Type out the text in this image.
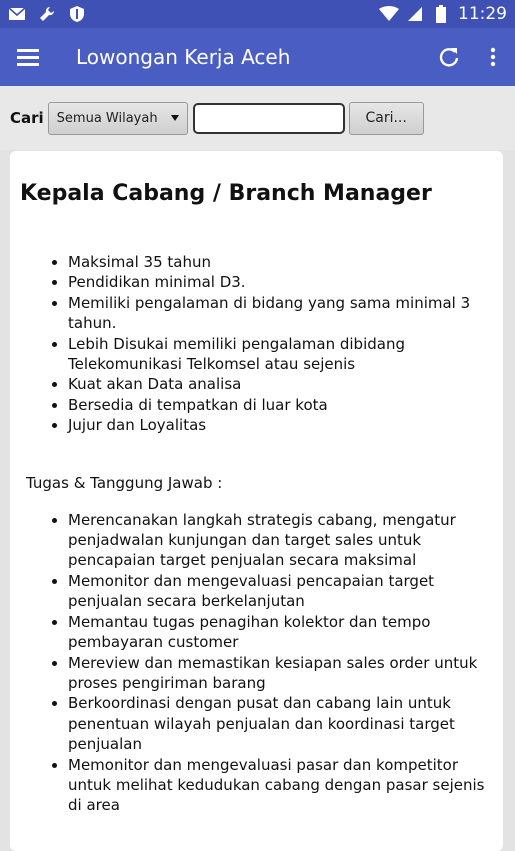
11:29
Lowongan Kerja Aceh
Cari Semua Wilayah	Cari...
Kepala Cabang / Branch Manager
• Maksimal 35 tahun
• Pendidikan minimal D3.
• Memiliki pengalaman di bidang yang sama minimal 3 tahun.
• Lebih Disukai memiliki pengalaman dibidang Telekomunikasi Telkomsel atau sejenis
• Kuat akan Data analisa
• Bersedia di tempatkan di luar kota
• Jujur dan Loyalitas
Tugas & Tanggung Jawab :
• Merencanakan langkah strategis cabang, mengatur penjadwalan kunjungan dan target sales untuk pencapaian target penjualan secara maksimal
• Memonitor dan mengevaluasi pencapaian target penjualan secara berkelanjutan
• Memantau tugas penagihan kolektor dan tempo pembayaran customer
• Mereview dan memastikan kesiapan sales order untuk proses pengiriman barang
• Berkoordinasi dengan pusat dan cabang lain untuk penentuan wilayah penjualan dan koordinasi target penjualan
• Memonitor dan mengevaluasi pasar dan kompetitor untuk melihat kedudukan cabang dengan pasar sejenis di area
